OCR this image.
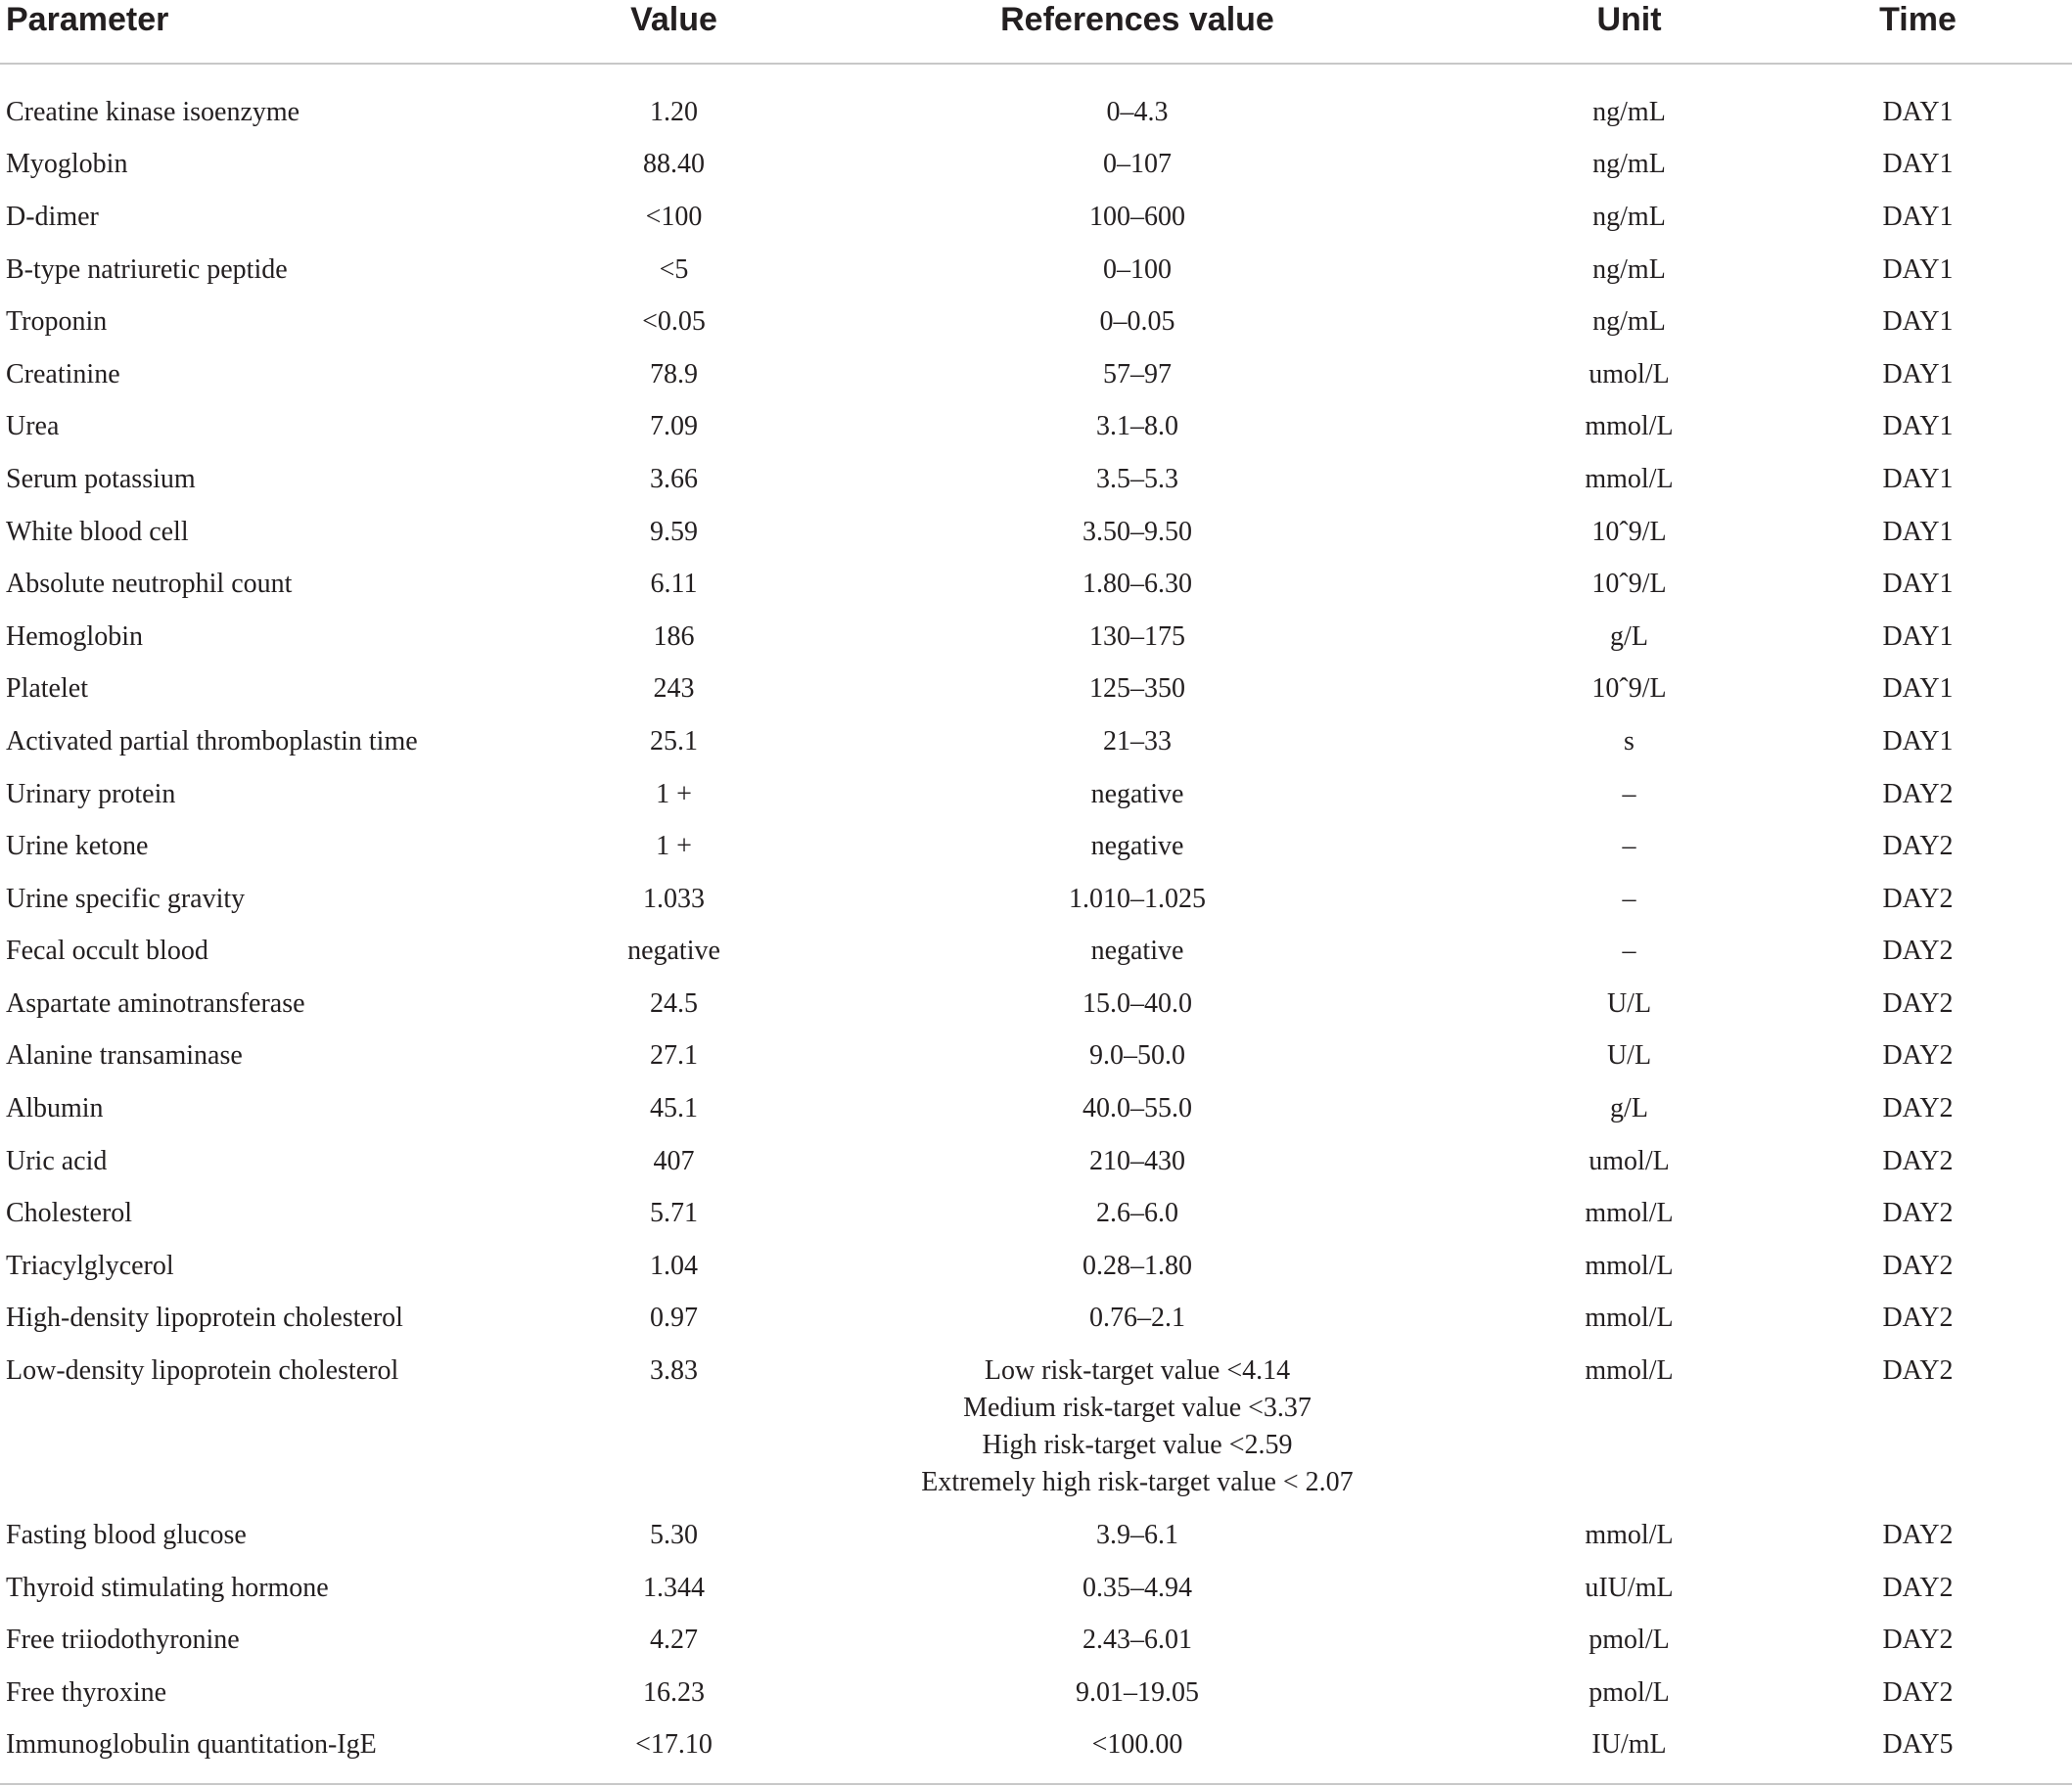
Parameter	Value	References value	Unit	Time
Creatine kinase isoenzyme	1.20	0–4.3	ng/mL	DAY1
Myoglobin	88.40	0–107	ng/mL	DAY1
D-dimer	<100	100–600	ng/mL	DAY1
B-type natriuretic peptide	<5	0–100	ng/mL	DAY1
Troponin	<0.05	0–0.05	ng/mL	DAY1
Creatinine	78.9	57–97	umol/L	DAY1
Urea	7.09	3.1–8.0	mmol/L	DAY1
Serum potassium	3.66	3.5–5.3	mmol/L	DAY1
White blood cell	9.59	3.50–9.50	10ˆ9/L	DAY1
Absolute neutrophil count	6.11	1.80–6.30	10ˆ9/L	DAY1
Hemoglobin	186	130–175	g/L	DAY1
Platelet	243	125–350	10ˆ9/L	DAY1
Activated partial thromboplastin time	25.1	21–33	s	DAY1
Urinary protein	1 +	negative	–	DAY2
Urine ketone	1 +	negative	–	DAY2
Urine specific gravity	1.033	1.010–1.025	–	DAY2
Fecal occult blood	negative	negative	–	DAY2
Aspartate aminotransferase	24.5	15.0–40.0	U/L	DAY2
Alanine transaminase	27.1	9.0–50.0	U/L	DAY2
Albumin	45.1	40.0–55.0	g/L	DAY2
Uric acid	407	210–430	umol/L	DAY2
Cholesterol	5.71	2.6–6.0	mmol/L	DAY2
Triacylglycerol	1.04	0.28–1.80	mmol/L	DAY2
High-density lipoprotein cholesterol	0.97	0.76–2.1	mmol/L	DAY2
Low-density lipoprotein cholesterol	3.83	Low risk-target value <4.14
Medium risk-target value <3.37
High risk-target value <2.59
Extremely high risk-target value < 2.07	mmol/L	DAY2
Fasting blood glucose	5.30	3.9–6.1	mmol/L	DAY2
Thyroid stimulating hormone	1.344	0.35–4.94	uIU/mL	DAY2
Free triiodothyronine	4.27	2.43–6.01	pmol/L	DAY2
Free thyroxine	16.23	9.01–19.05	pmol/L	DAY2
Immunoglobulin quantitation-IgE	<17.10	<100.00	IU/mL	DAY5
